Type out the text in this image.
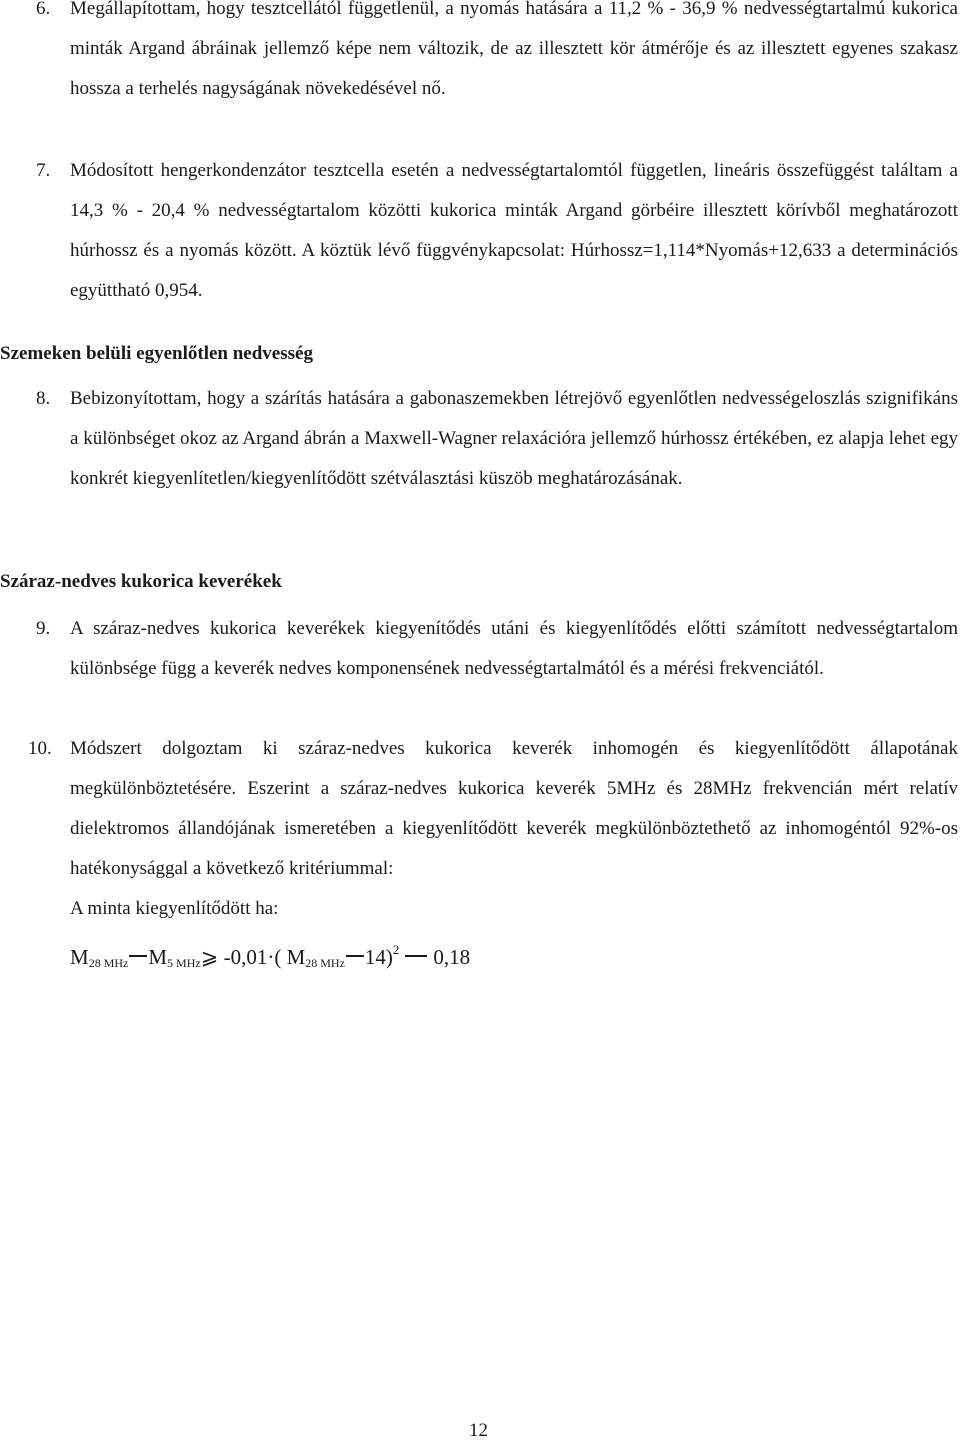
6. Megállapítottam, hogy tesztcellától függetlenül, a nyomás hatására a 11,2 % - 36,9 % nedvességtartalmú kukorica minták Argand ábráinak jellemző képe nem változik, de az illesztett kör átmérője és az illesztett egyenes szakasz hossza a terhelés nagyságának növekedésével nő.
7. Módosított hengerkondenzátor tesztcella esetén a nedvességtartalomtól független, lineáris összefüggést találtam a 14,3 % - 20,4 % nedvességtartalom közötti kukorica minták Argand görbéire illesztett körívből meghatározott húrhossz és a nyomás között. A köztük lévő függvénykapcsolat: Húrhossz=1,114*Nyomás+12,633 a determinációs együttható 0,954.
Szemeken belüli egyenlőtlen nedvesség
8. Bebizonyítottam, hogy a szárítás hatására a gabonaszemekben létrejövő egyenlőtlen nedvességeloszlás szignifikáns a különbséget okoz az Argand ábrán a Maxwell-Wagner relaxációra jellemző húrhossz értékében, ez alapja lehet egy konkrét kiegyenlítetlen/kiegyenlítődött szétválasztási küszöb meghatározásának.
Száraz-nedves kukorica keverékek
9. A száraz-nedves kukorica keverékek kiegyenítődés utáni és kiegyenlítődés előtti számított nedvességtartalom különbsége függ a keverék nedves komponensének nedvességtartalmától és a mérési frekvenciától.
10. Módszert dolgoztam ki száraz-nedves kukorica keverék inhomogén és kiegyenlítődött állapotának megkülönböztetésére. Eszerint a száraz-nedves kukorica keverék 5MHz és 28MHz frekvencián mért relatív dielektromos állandójának ismeretében a kiegyenlítődött keverék megkülönböztethető az inhomogéntól 92%-os hatékonysággal a következő kritériummal:
A minta kiegyenlítődött ha:
$M_{28 MHz}$ $M_{5 MHz}⩾$ -0,01·( $M_{28 MHz}$ 14)$^2$ 0,18
12
